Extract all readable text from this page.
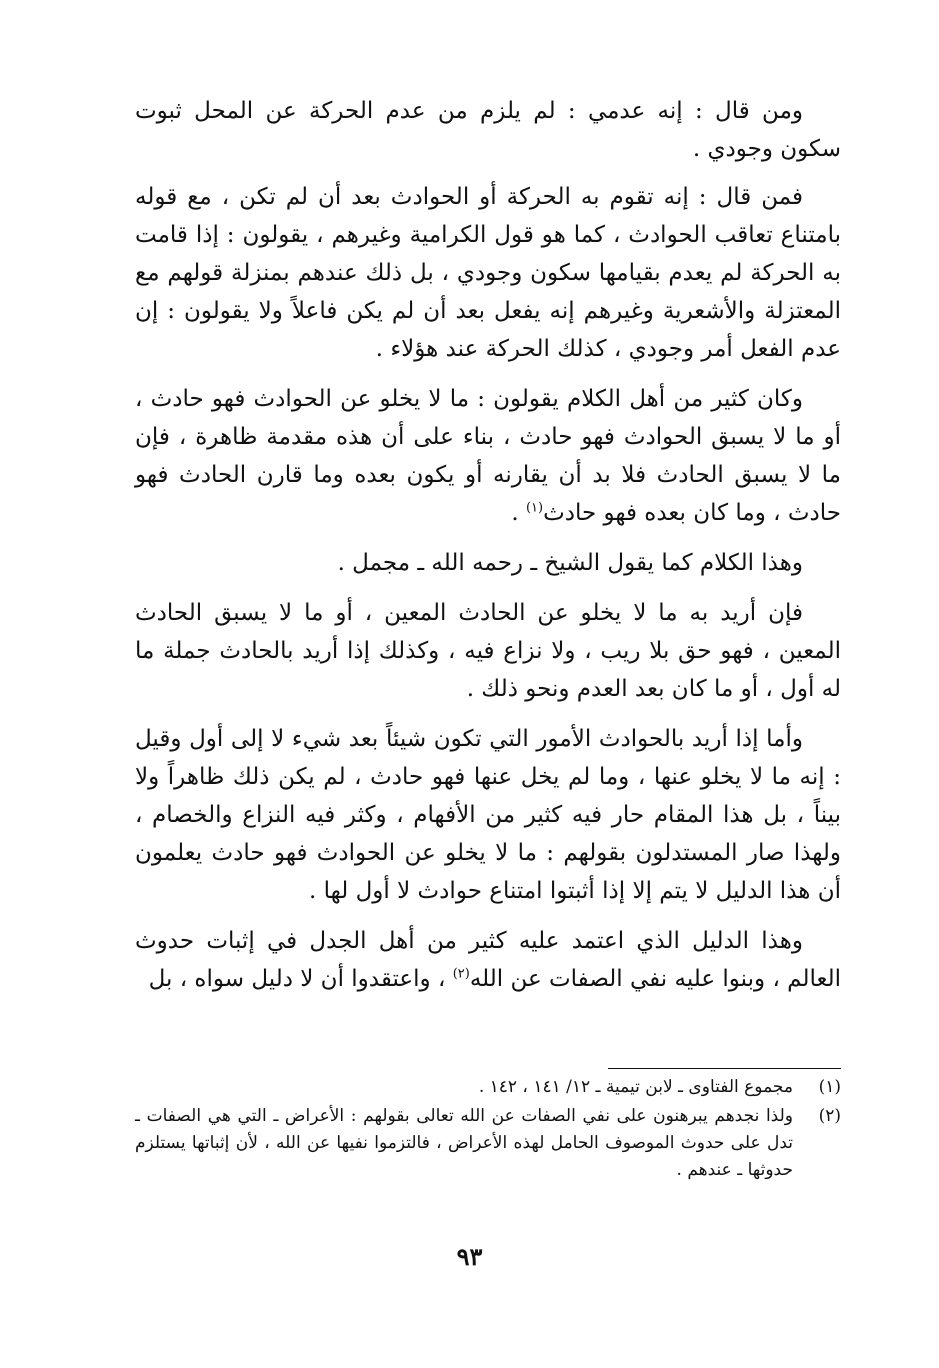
ومن قال : إنه عدمي : لم يلزم من عدم الحركة عن المحل ثبوت سكون وجودي .

فمن قال : إنه تقوم به الحركة أو الحوادث بعد أن لم تكن ، مع قوله بامتناع تعاقب الحوادث ، كما هو قول الكرامية وغيرهم ، يقولون : إذا قامت به الحركة لم يعدم بقيامها سكون وجودي ، بل ذلك عندهم بمنزلة قولهم مع المعتزلة والأشعرية وغيرهم إنه يفعل بعد أن لم يكن فاعلاً ولا يقولون : إن عدم الفعل أمر وجودي ، كذلك الحركة عند هؤلاء .

وكان كثير من أهل الكلام يقولون : ما لا يخلو عن الحوادث فهو حادث ، أو ما لا يسبق الحوادث فهو حادث ، بناء على أن هذه مقدمة ظاهرة ، فإن ما لا يسبق الحادث فلا بد أن يقارنه أو يكون بعده وما قارن الحادث فهو حادث ، وما كان بعده فهو حادث$^{(١)}$ .

وهذا الكلام كما يقول الشيخ ـ رحمه الله ـ مجمل .

فإن أريد به ما لا يخلو عن الحادث المعين ، أو ما لا يسبق الحادث المعين ، فهو حق بلا ريب ، ولا نزاع فيه ، وكذلك إذا أريد بالحادث جملة ما له أول ، أو ما كان بعد العدم ونحو ذلك .

وأما إذا أريد بالحوادث الأمور التي تكون شيئاً بعد شيء لا إلى أول وقيل : إنه ما لا يخلو عنها ، وما لم يخل عنها فهو حادث ، لم يكن ذلك ظاهراً ولا بيناً ، بل هذا المقام حار فيه كثير من الأفهام ، وكثر فيه النزاع والخصام ، ولهذا صار المستدلون بقولهم : ما لا يخلو عن الحوادث فهو حادث يعلمون أن هذا الدليل لا يتم إلا إذا أثبتوا امتناع حوادث لا أول لها .

وهذا الدليل الذي اعتمد عليه كثير من أهل الجدل في إثبات حدوث العالم ، وبنوا عليه نفي الصفات عن الله$^{(٢)}$ ، واعتقدوا أن لا دليل سواه ، بل

(١)
مجموع الفتاوى ـ لابن تيمية ـ ١٢/ ١٤١ ، ١٤٢ .
(٢)
ولذا نجدهم يبرهنون على نفي الصفات عن الله تعالى بقولهم : الأعراض ـ التي هي الصفات ـ تدل على حدوث الموصوف الحامل لهذه الأعراض ، فالتزموا نفيها عن الله ، لأن إثباتها يستلزم حدوثها ـ عندهم .
٩٣
